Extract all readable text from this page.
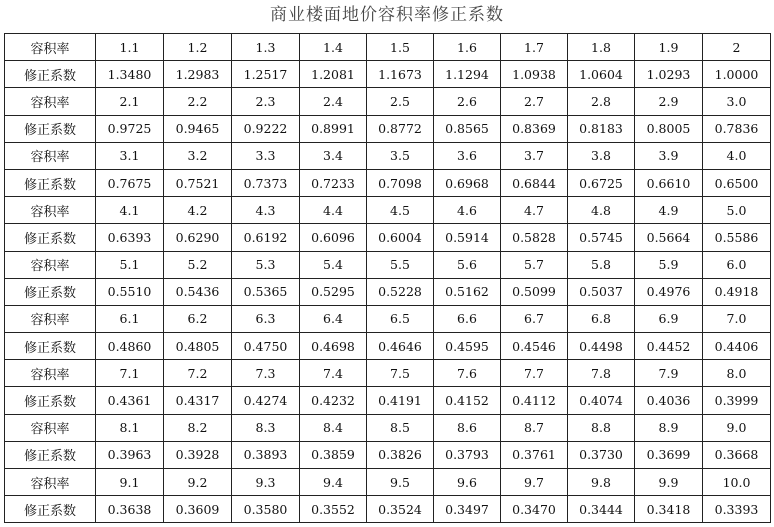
商业楼面地价容积率修正系数
容积率	1.1	1.2	1.3	1.4	1.5	1.6	1.7	1.8	1.9	2
修正系数	1.3480	1.2983	1.2517	1.2081	1.1673	1.1294	1.0938	1.0604	1.0293	1.0000
容积率	2.1	2.2	2.3	2.4	2.5	2.6	2.7	2.8	2.9	3.0
修正系数	0.9725	0.9465	0.9222	0.8991	0.8772	0.8565	0.8369	0.8183	0.8005	0.7836
容积率	3.1	3.2	3.3	3.4	3.5	3.6	3.7	3.8	3.9	4.0
修正系数	0.7675	0.7521	0.7373	0.7233	0.7098	0.6968	0.6844	0.6725	0.6610	0.6500
容积率	4.1	4.2	4.3	4.4	4.5	4.6	4.7	4.8	4.9	5.0
修正系数	0.6393	0.6290	0.6192	0.6096	0.6004	0.5914	0.5828	0.5745	0.5664	0.5586
容积率	5.1	5.2	5.3	5.4	5.5	5.6	5.7	5.8	5.9	6.0
修正系数	0.5510	0.5436	0.5365	0.5295	0.5228	0.5162	0.5099	0.5037	0.4976	0.4918
容积率	6.1	6.2	6.3	6.4	6.5	6.6	6.7	6.8	6.9	7.0
修正系数	0.4860	0.4805	0.4750	0.4698	0.4646	0.4595	0.4546	0.4498	0.4452	0.4406
容积率	7.1	7.2	7.3	7.4	7.5	7.6	7.7	7.8	7.9	8.0
修正系数	0.4361	0.4317	0.4274	0.4232	0.4191	0.4152	0.4112	0.4074	0.4036	0.3999
容积率	8.1	8.2	8.3	8.4	8.5	8.6	8.7	8.8	8.9	9.0
修正系数	0.3963	0.3928	0.3893	0.3859	0.3826	0.3793	0.3761	0.3730	0.3699	0.3668
容积率	9.1	9.2	9.3	9.4	9.5	9.6	9.7	9.8	9.9	10.0
修正系数	0.3638	0.3609	0.3580	0.3552	0.3524	0.3497	0.3470	0.3444	0.3418	0.3393
